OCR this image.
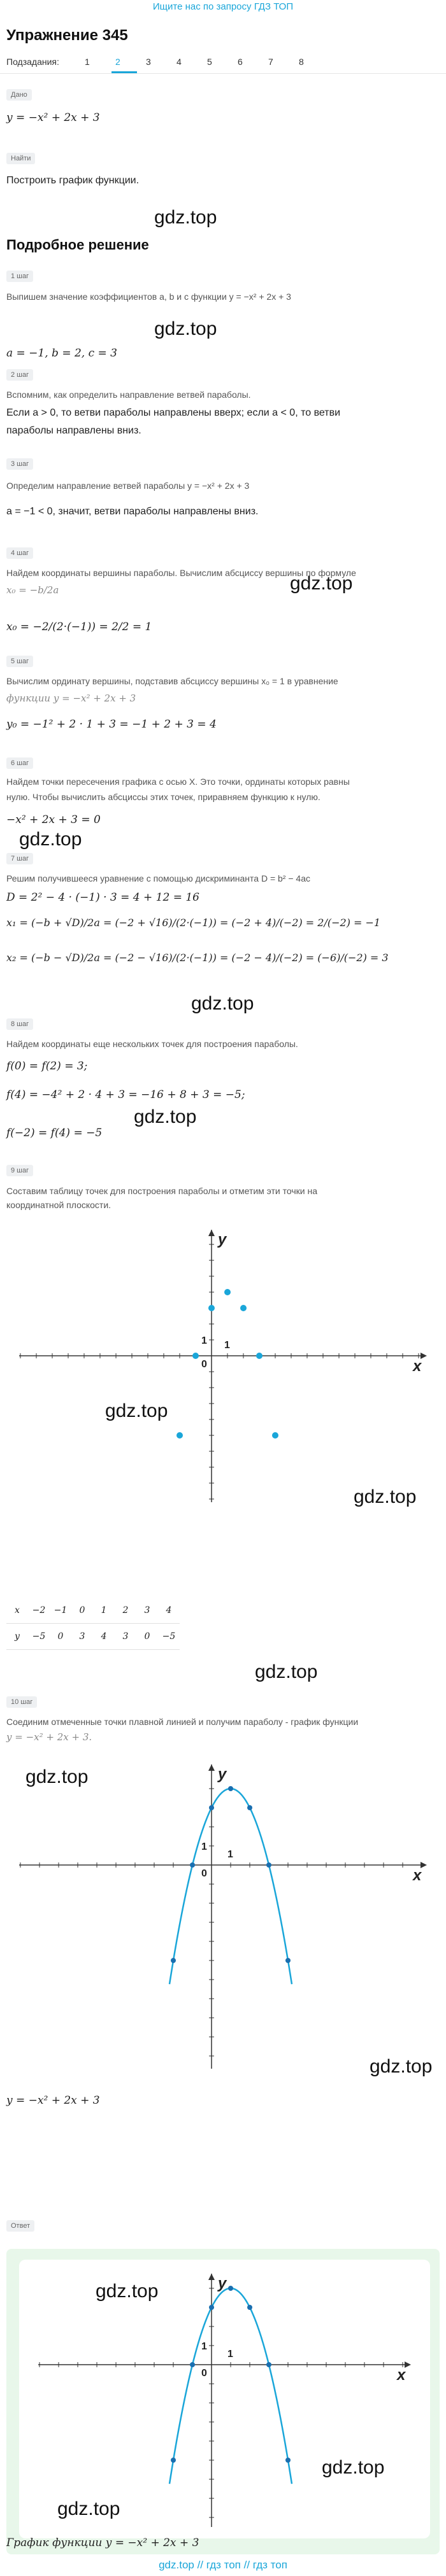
Ищите нас по запросу ГДЗ ТОП
Упражнение 345
Подзадания:	1	2	3	4	5	6	7	8
Дано
y = −x² + 2x + 3
Найти
Построить график функции.
gdz.top
Подробное решение
1 шаг
Выпишем значение коэффициентов a, b и c функции y = −x² + 2x + 3
gdz.top
a = −1, b = 2, c = 3
2 шаг
Вспомним, как определить направление ветвей параболы.
Если a > 0, то ветви параболы направлены вверх; если a < 0, то ветви
параболы направлены вниз.
3 шаг
Определим направление ветвей параболы y = −x² + 2x + 3
a = −1 < 0, значит, ветви параболы направлены вниз.
4 шаг
Найдем координаты вершины параболы. Вычислим абсциссу вершины по формуле
x₀ = −b/2a	gdz.top
x₀ = −2/(2·(−1)) = 2/2 = 1
5 шаг
Вычислим ординату вершины, подставив абсциссу вершины x₀ = 1 в уравнение
функции y = −x² + 2x + 3
y₀ = −1² + 2 · 1 + 3 = −1 + 2 + 3 = 4
6 шаг
Найдем точки пересечения графика с осью X. Это точки, ординаты которых равны
нулю. Чтобы вычислить абсциссы этих точек, приравняем функцию к нулю.
−x² + 2x + 3 = 0
gdz.top
7 шаг
Решим получившееся уравнение с помощью дискриминанта D = b² − 4ac
D = 2² − 4 · (−1) · 3 = 4 + 12 = 16
x₁ = (−b + √D)/2a = (−2 + √16)/(2·(−1)) = (−2 + 4)/(−2) = 2/(−2) = −1
x₂ = (−b − √D)/2a = (−2 − √16)/(2·(−1)) = (−2 − 4)/(−2) = (−6)/(−2) = 3
gdz.top
8 шаг
Найдем координаты еще нескольких точек для построения параболы.
f(0) = f(2) = 3;
f(4) = −4² + 2 · 4 + 3 = −16 + 8 + 3 = −5;
gdz.top
f(−2) = f(4) = −5
9 шаг
Составим таблицу точек для построения параболы и отметим эти точки на
координатной плоскости.
x
y
0
1
1
gdz.top
gdz.top
x	−2	−1	0	1	2	3	4
y	−5	0	3	4	3	0	−5
gdz.top
10 шаг
Соединим отмеченные точки плавной линией и получим параболу - график функции
y = −x² + 2x + 3.
x
y
0
1
1
gdz.top
gdz.top
y = −x² + 2x + 3
Ответ
x
y
0
1
1
gdz.top
gdz.top
gdz.top
График функции y = −x² + 2x + 3
gdz.top // гдз топ // гдз топ
